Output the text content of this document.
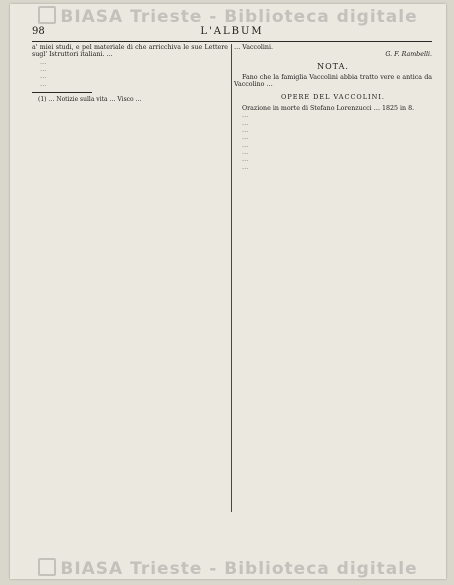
BIASA Trieste - Biblioteca digitale
98	L'ALBUM

a' miei studi, e pel materiale di che arricchiva le sue Lettere sugl' Istruttori italiani. …

…

…

…

…

(1) … Notizie sulla vita … Visco …

… Vaccolini.

G. F. Rambelli.

NOTA.

Fano che la famiglia Vaccolini abbia tratto vere e antica da Vaccolino …

OPERE DEL VACCOLINI.

Orazione in morte di Stefano Lorenzucci … 1825 in 8.

…

…

…

…

…

…

…

…

BIASA Trieste - Biblioteca digitale
